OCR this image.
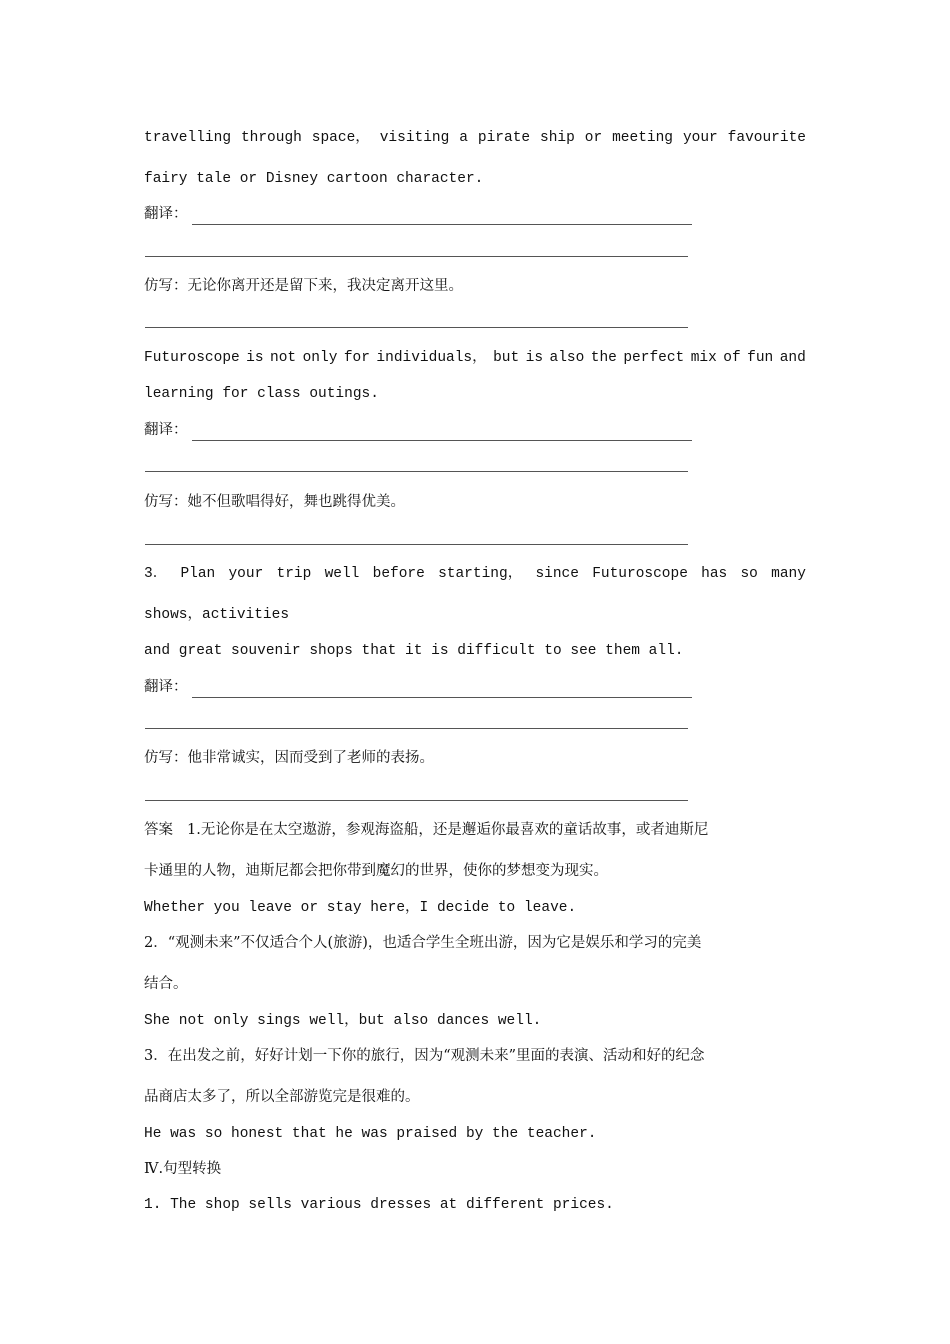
travelling through space， visiting a pirate ship or meeting your favourite
fairy tale or Disney cartoon character.
翻译：
仿写：无论你离开还是留下来，我决定离开这里。
Futuroscope is not only for individuals， but is also the perfect mix of fun and
learning for class outings.
翻译：
仿写：她不但歌唱得好，舞也跳得优美。
3． Plan your trip well before starting， since Futuroscope has so many
shows，activities
and great souvenir shops that it is difficult to see them all.
翻译：
仿写：他非常诚实，因而受到了老师的表扬。
答案 1.无论你是在太空遨游，参观海盗船，还是邂逅你最喜欢的童话故事，或者迪斯尼
卡通里的人物，迪斯尼都会把你带到魔幻的世界，使你的梦想变为现实。
Whether you leave or stay here，I decide to leave.
2．“观测未来”不仅适合个人(旅游)，也适合学生全班出游，因为它是娱乐和学习的完美
结合。
She not only sings well，but also dances well.
3．在出发之前，好好计划一下你的旅行，因为“观测未来”里面的表演、活动和好的纪念
品商店太多了，所以全部游览完是很难的。
He was so honest that he was praised by the teacher.
Ⅳ.句型转换
1. The shop sells various dresses at different prices.
